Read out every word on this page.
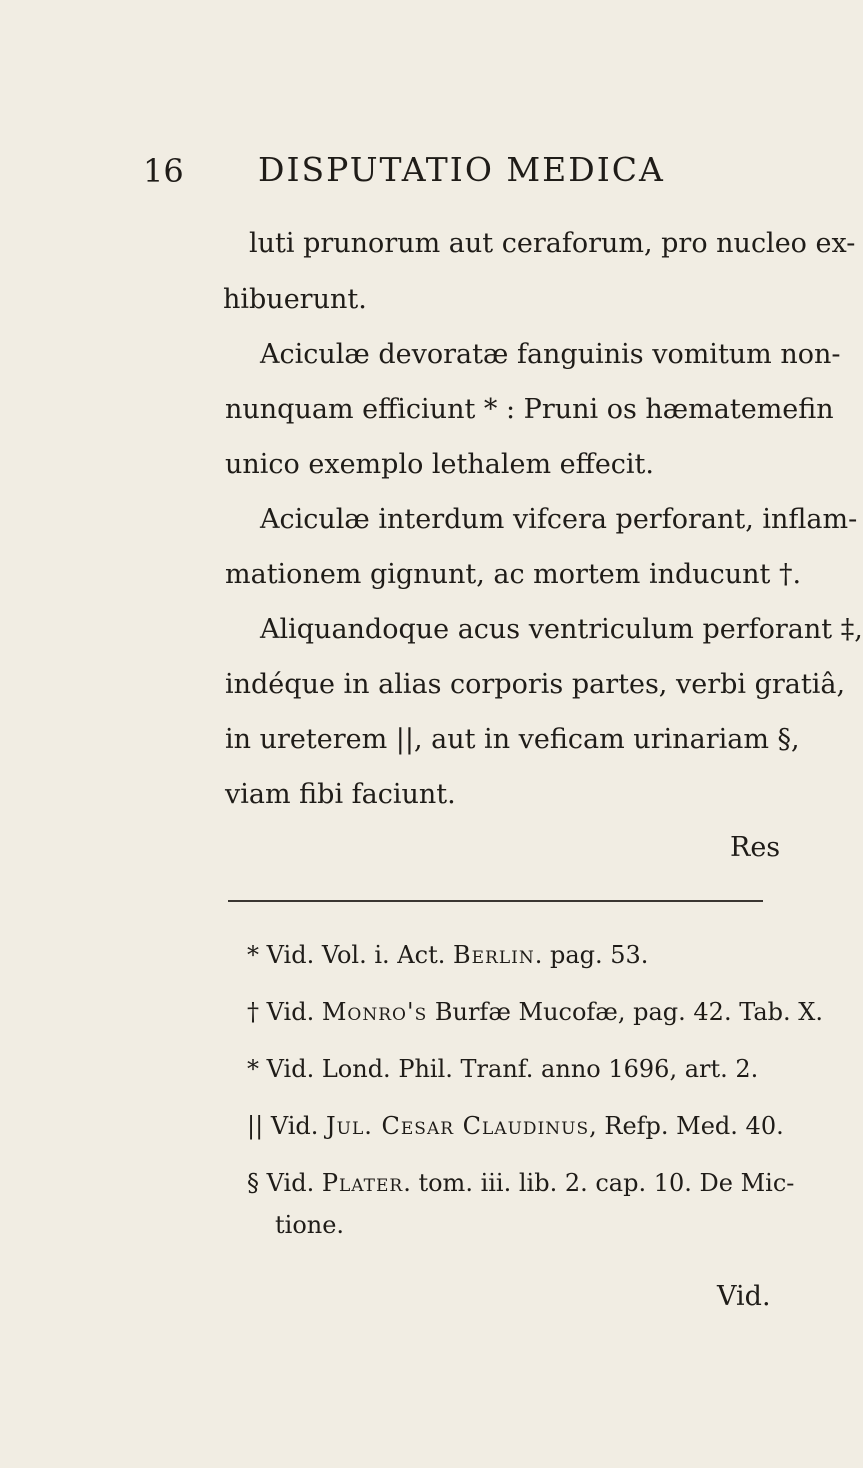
16 DISPUTATIO MEDICA
luti prunorum aut ceraforum, pro nucleo ex-
hibuerunt.
Aciculæ devoratæ fanguinis vomitum non-
nunquam efficiunt * : Pruni os hæmatemefin
unico exemplo lethalem effecit.
Aciculæ interdum vifcera perforant, inflam-
mationem gignunt, ac mortem inducunt †.
Aliquandoque acus ventriculum perforant ‡,
indéque in alias corporis partes, verbi gratiâ,
in ureterem ||, aut in veficam urinariam §,
viam fibi faciunt.
Res
* Vid. Vol. i. Act. Berlin. pag. 53.
† Vid. Monro's Burfæ Mucofæ, pag. 42. Tab. X.
* Vid. Lond. Phil. Tranf. anno 1696, art. 2.
|| Vid. Jul. Cesar Claudinus, Refp. Med. 40.
§ Vid. Plater. tom. iii. lib. 2. cap. 10. De Mic-
tione.
Vid.
